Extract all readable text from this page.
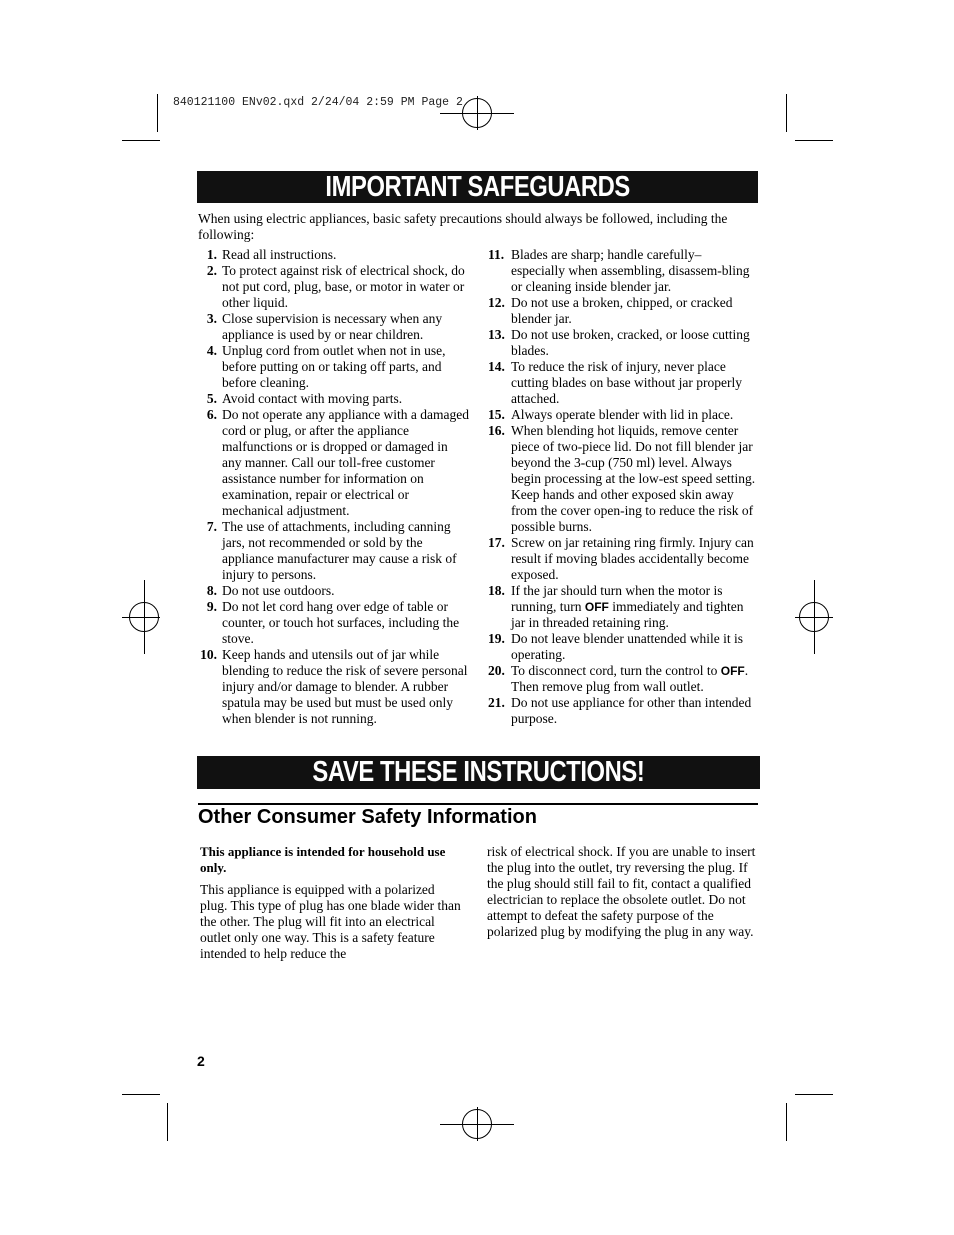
840121100 ENv02.qxd 2/24/04 2:59 PM Page 2
IMPORTANT SAFEGUARDS
When using electric appliances, basic safety precautions should always be followed, including the following:
1. Read all instructions.
2. To protect against risk of electrical shock, do not put cord, plug, base, or motor in water or other liquid.
3. Close supervision is necessary when any appliance is used by or near children.
4. Unplug cord from outlet when not in use, before putting on or taking off parts, and before cleaning.
5. Avoid contact with moving parts.
6. Do not operate any appliance with a damaged cord or plug, or after the appliance malfunctions or is dropped or damaged in any manner. Call our toll-free customer assistance number for information on examination, repair or electrical or mechanical adjustment.
7. The use of attachments, including canning jars, not recommended or sold by the appliance manufacturer may cause a risk of injury to persons.
8. Do not use outdoors.
9. Do not let cord hang over edge of table or counter, or touch hot surfaces, including the stove.
10. Keep hands and utensils out of jar while blending to reduce the risk of severe personal injury and/or damage to blender. A rubber spatula may be used but must be used only when blender is not running.
11. Blades are sharp; handle carefully– especially when assembling, disassem-bling or cleaning inside blender jar.
12. Do not use a broken, chipped, or cracked blender jar.
13. Do not use broken, cracked, or loose cutting blades.
14. To reduce the risk of injury, never place cutting blades on base without jar properly attached.
15. Always operate blender with lid in place.
16. When blending hot liquids, remove center piece of two-piece lid. Do not fill blender jar beyond the 3-cup (750 ml) level. Always begin processing at the low-est speed setting. Keep hands and other exposed skin away from the cover open-ing to reduce the risk of possible burns.
17. Screw on jar retaining ring firmly. Injury can result if moving blades accidentally become exposed.
18. If the jar should turn when the motor is running, turn OFF immediately and tighten jar in threaded retaining ring.
19. Do not leave blender unattended while it is operating.
20. To disconnect cord, turn the control to OFF. Then remove plug from wall outlet.
21. Do not use appliance for other than intended purpose.
SAVE THESE INSTRUCTIONS!
Other Consumer Safety Information

This appliance is intended for household use only.

This appliance is equipped with a polarized plug. This type of plug has one blade wider than the other. The plug will fit into an electrical outlet only one way. This is a safety feature intended to help reduce the

risk of electrical shock. If you are unable to insert the plug into the outlet, try reversing the plug. If the plug should still fail to fit, contact a qualified electrician to replace the obsolete outlet. Do not attempt to defeat the safety purpose of the polarized plug by modifying the plug in any way.

2
